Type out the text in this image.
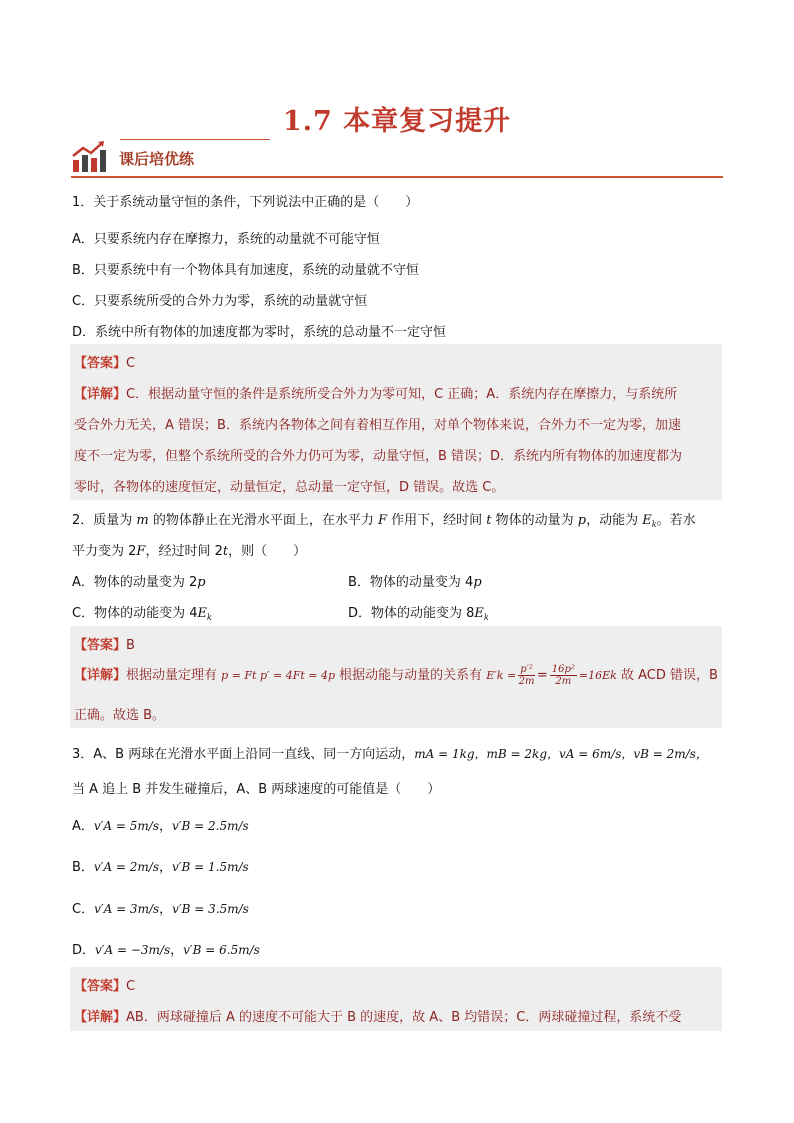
1.7 本章复习提升
课后培优练
1．关于系统动量守恒的条件，下列说法中正确的是（　　）
A．只要系统内存在摩擦力，系统的动量就不可能守恒
B．只要系统中有一个物体具有加速度，系统的动量就不守恒
C．只要系统所受的合外力为零，系统的动量就守恒
D．系统中所有物体的加速度都为零时，系统的总动量不一定守恒
【答案】C
【详解】C．根据动量守恒的条件是系统所受合外力为零可知，C 正确；A．系统内存在摩擦力，与系统所
受合外力无关，A 错误；B．系统内各物体之间有着相互作用，对单个物体来说，合外力不一定为零，加速
度不一定为零，但整个系统所受的合外力仍可为零，动量守恒，B 错误；D．系统内所有物体的加速度都为
零时，各物体的速度恒定，动量恒定，总动量一定守恒，D 错误。故选 C。
2．质量为 m 的物体静止在光滑水平面上，在水平力 F 作用下，经时间 t 物体的动量为 p，动能为 $E_k$。若水
平力变为 2F，经过时间 2t，则（　　）
A．物体的动量变为 2p	B．物体的动量变为 4p
C．物体的动能变为 $4E_k$	D．物体的动能变为 $8E_k$
【答案】B
【详解】根据动量定理有 p = Ft p′ = 4Ft = 4p 根据动能与动量的关系有 $E'k = \frac{\text{p′²}}{2m} = \frac{\text{16p²}}{2m} =16Ek$ 故 ACD 错误，B
正确。故选 B。
3．A、B 两球在光滑水平面上沿同一直线、同一方向运动，mA = 1kg，mB = 2kg，vA = 6m/s，vB = 2m/s，
当 A 追上 B 并发生碰撞后，A、B 两球速度的可能值是（　　）
A．v′A = 5m/s，v′B = 2.5m/s
B．v′A = 2m/s，v′B = 1.5m/s
C．v′A = 3m/s，v′B = 3.5m/s
D．v′A = −3m/s，v′B = 6.5m/s
【答案】C
【详解】AB．两球碰撞后 A 的速度不可能大于 B 的速度，故 A、B 均错误；C．两球碰撞过程，系统不受
